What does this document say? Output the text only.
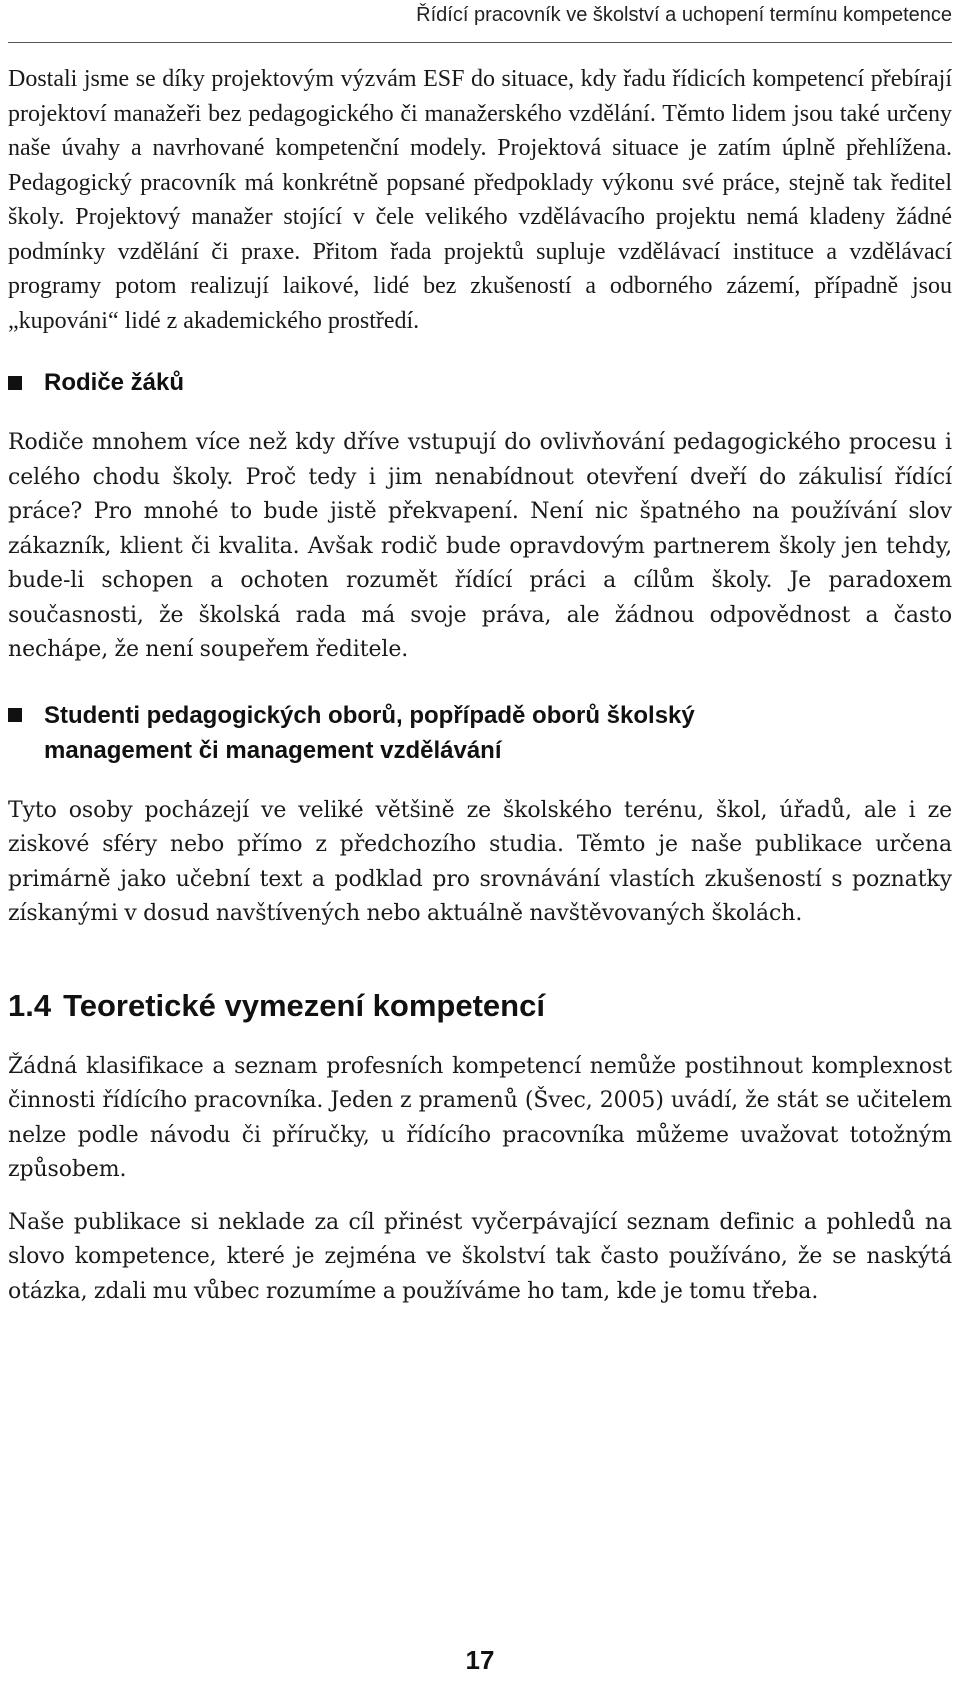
Řídící pracovník ve školství a uchopení termínu kompetence

Dostali jsme se díky projektovým výzvám ESF do situace, kdy řadu řídicích kompetencí přebírají projektoví manažeři bez pedagogického či manažerského vzdělání. Těmto lidem jsou také určeny naše úvahy a navrhované kompetenční modely. Projektová situace je zatím úplně přehlížena. Pedagogický pracovník má konkrétně popsané předpoklady výkonu své práce, stejně tak ředitel školy. Projektový manažer stojící v čele velikého vzdělávacího projektu nemá kladeny žádné podmínky vzdělání či praxe. Přitom řada projektů supluje vzdělávací instituce a vzdělávací programy potom realizují laikové, lidé bez zkušeností a odborného zázemí, případně jsou „kupováni“ lidé z akademického prostředí.

Rodiče žáků

Rodiče mnohem více než kdy dříve vstupují do ovlivňování pedagogického procesu i celého chodu školy. Proč tedy i jim nenabídnout otevření dveří do zákulisí řídící práce? Pro mnohé to bude jistě překvapení. Není nic špatného na používání slov zákazník, klient či kvalita. Avšak rodič bude opravdovým partnerem školy jen tehdy, bude-li schopen a ochoten rozumět řídící práci a cílům školy. Je paradoxem současnosti, že školská rada má svoje práva, ale žádnou odpovědnost a často nechápe, že není soupeřem ředitele.

Studenti pedagogických oborů, popřípadě oborů školský
management či management vzdělávání

Tyto osoby pocházejí ve veliké většině ze školského terénu, škol, úřadů, ale i ze ziskové sféry nebo přímo z předchozího studia. Těmto je naše publikace určena primárně jako učební text a podklad pro srovnávání vlastích zkušeností s poznatky získanými v dosud navštívených nebo aktuálně navštěvovaných školách.

1.4 Teoretické vymezení kompetencí

Žádná klasifikace a seznam profesních kompetencí nemůže postihnout komplexnost činnosti řídícího pracovníka. Jeden z pramenů (Švec, 2005) uvádí, že stát se učitelem nelze podle návodu či příručky, u řídícího pracovníka můžeme uvažovat totožným způsobem.

Naše publikace si neklade za cíl přinést vyčerpávající seznam definic a pohledů na slovo kompetence, které je zejména ve školství tak často používáno, že se naskýtá otázka, zdali mu vůbec rozumíme a používáme ho tam, kde je tomu třeba.

17
